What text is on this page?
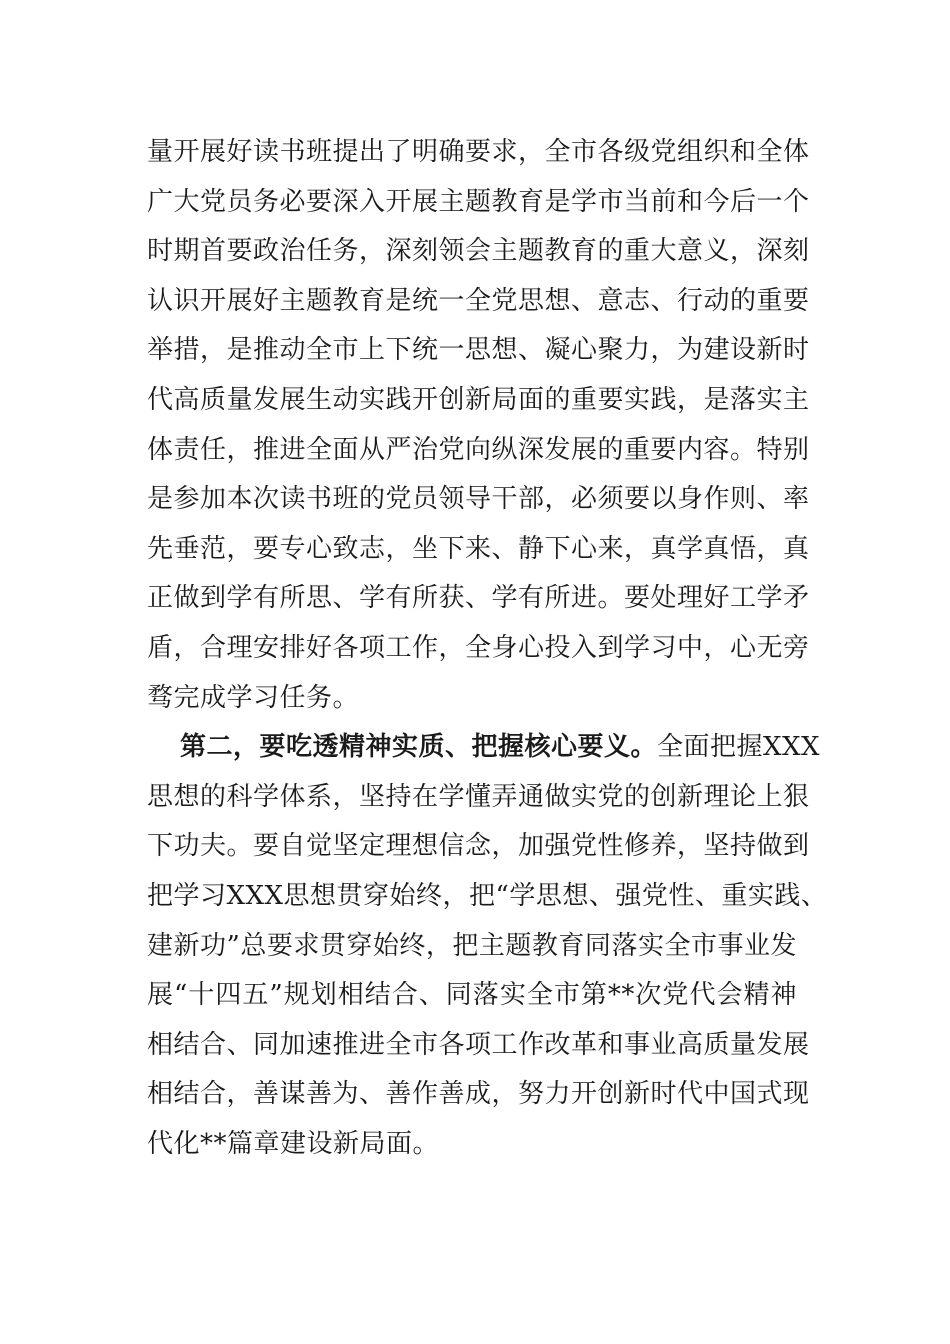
量开展好读书班提出了明确要求，全市各级党组织和全体
广大党员务必要深入开展主题教育是学市当前和今后一个
时期首要政治任务，深刻领会主题教育的重大意义，深刻
认识开展好主题教育是统一全党思想、意志、行动的重要
举措，是推动全市上下统一思想、凝心聚力，为建设新时
代高质量发展生动实践开创新局面的重要实践，是落实主
体责任，推进全面从严治党向纵深发展的重要内容。特别
是参加本次读书班的党员领导干部，必须要以身作则、率
先垂范，要专心致志，坐下来、静下心来，真学真悟，真
正做到学有所思、学有所获、学有所进。要处理好工学矛
盾，合理安排好各项工作，全身心投入到学习中，心无旁
骛完成学习任务。
第二，要吃透精神实质、把握核心要义。全面把握XXX
思想的科学体系，坚持在学懂弄通做实党的创新理论上狠
下功夫。要自觉坚定理想信念，加强党性修养，坚持做到
把学习XXX思想贯穿始终，把“学思想、强党性、重实践、
建新功”总要求贯穿始终，把主题教育同落实全市事业发
展“十四五”规划相结合、同落实全市第**次党代会精神
相结合、同加速推进全市各项工作改革和事业高质量发展
相结合，善谋善为、善作善成，努力开创新时代中国式现
代化**篇章建设新局面。
